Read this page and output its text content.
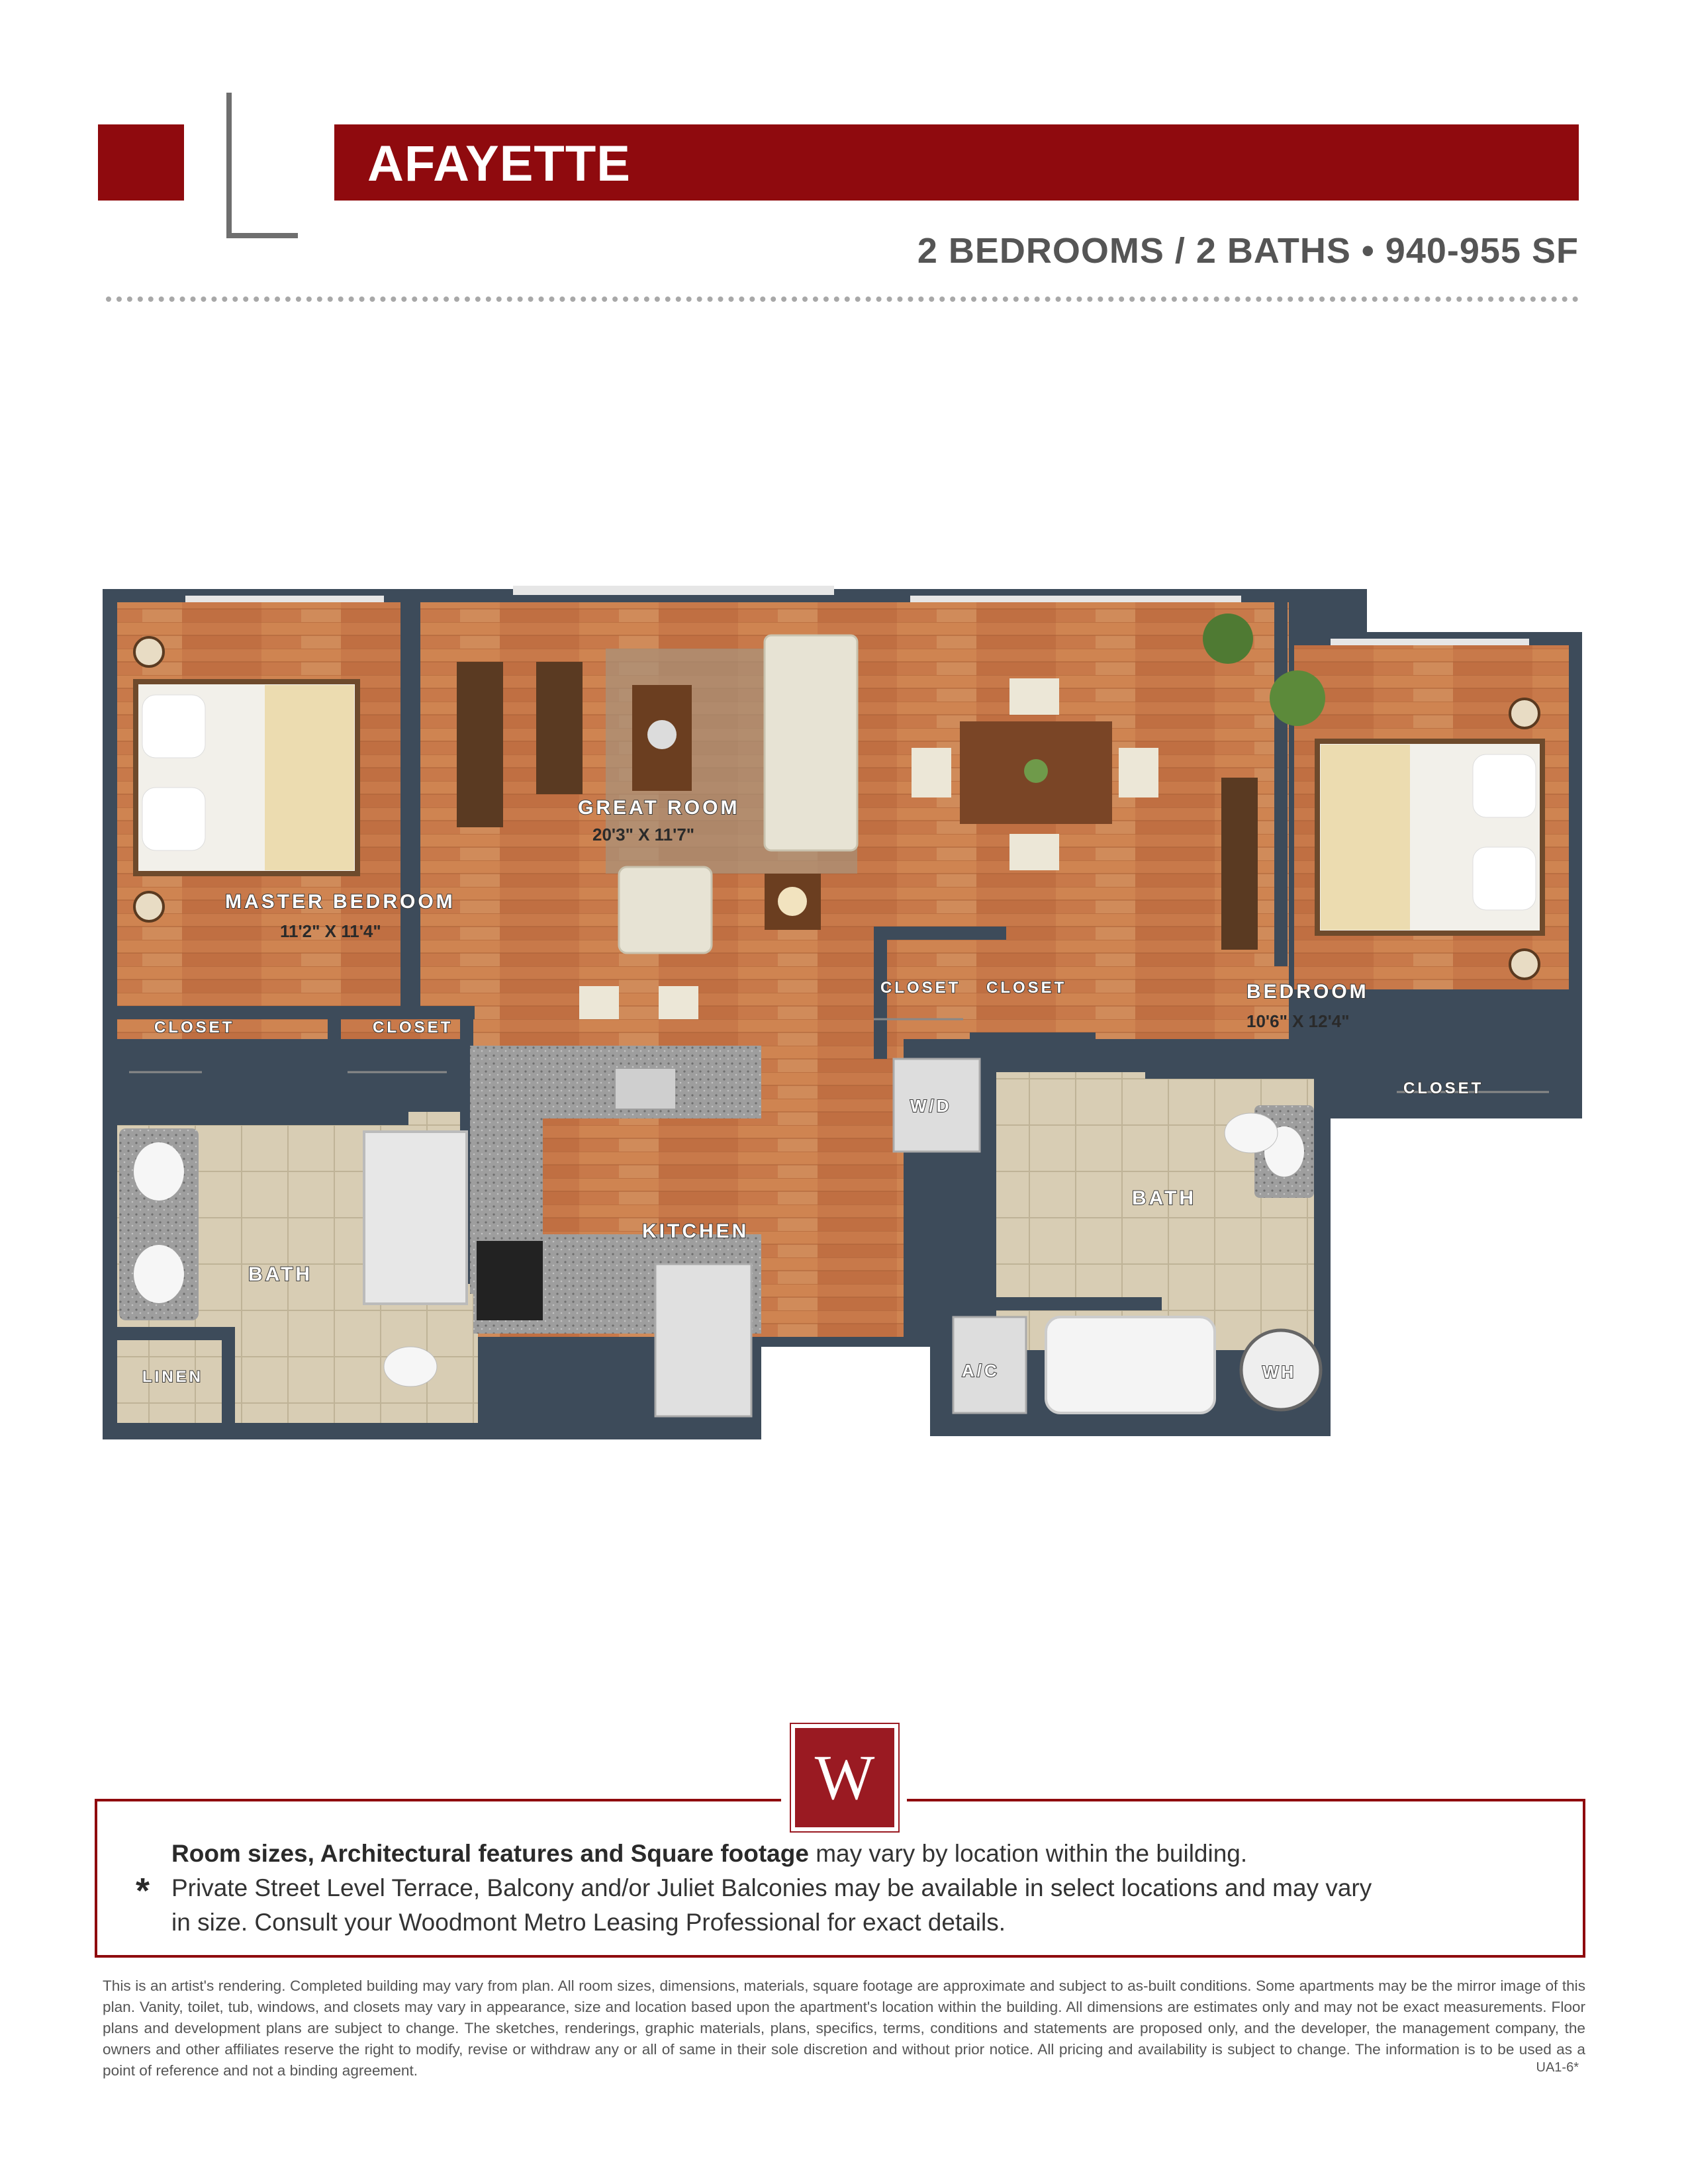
AFAYETTE
2 BEDROOMS / 2 BATHS • 940-955 SF
MASTER BEDROOM
11'2" X 11'4"
GREAT ROOM
20'3" X 11'7"
BEDROOM
10'6" X 12'4"
KITCHEN
BATH
BATH
CLOSET	CLOSET
CLOSET CLOSET
CLOSET
LINEN
W/D
A/C	WH
Room sizes, Architectural features and Square footage may vary by location within the building.
* Private Street Level Terrace, Balcony and/or Juliet Balconies may be available in select locations and may vary
in size. Consult your Woodmont Metro Leasing Professional for exact details.
W
This is an artist's rendering. Completed building may vary from plan. All room sizes, dimensions, materials, square footage are approximate and subject to as-built conditions. Some apartments may be the mirror image of this plan. Vanity, toilet, tub, windows, and closets may vary in appearance, size and location based upon the apartment's location within the building. All dimensions are estimates only and may not be exact measurements. Floor plans and development plans are subject to change. The sketches, renderings, graphic materials, plans, specifics, terms, conditions and statements are proposed only, and the developer, the management company, the owners and other affiliates reserve the right to modify, revise or withdraw any or all of same in their sole discretion and without prior notice. All pricing and availability is subject to change. The information is to be used as a point of reference and not a binding agreement.	UA1-6*
